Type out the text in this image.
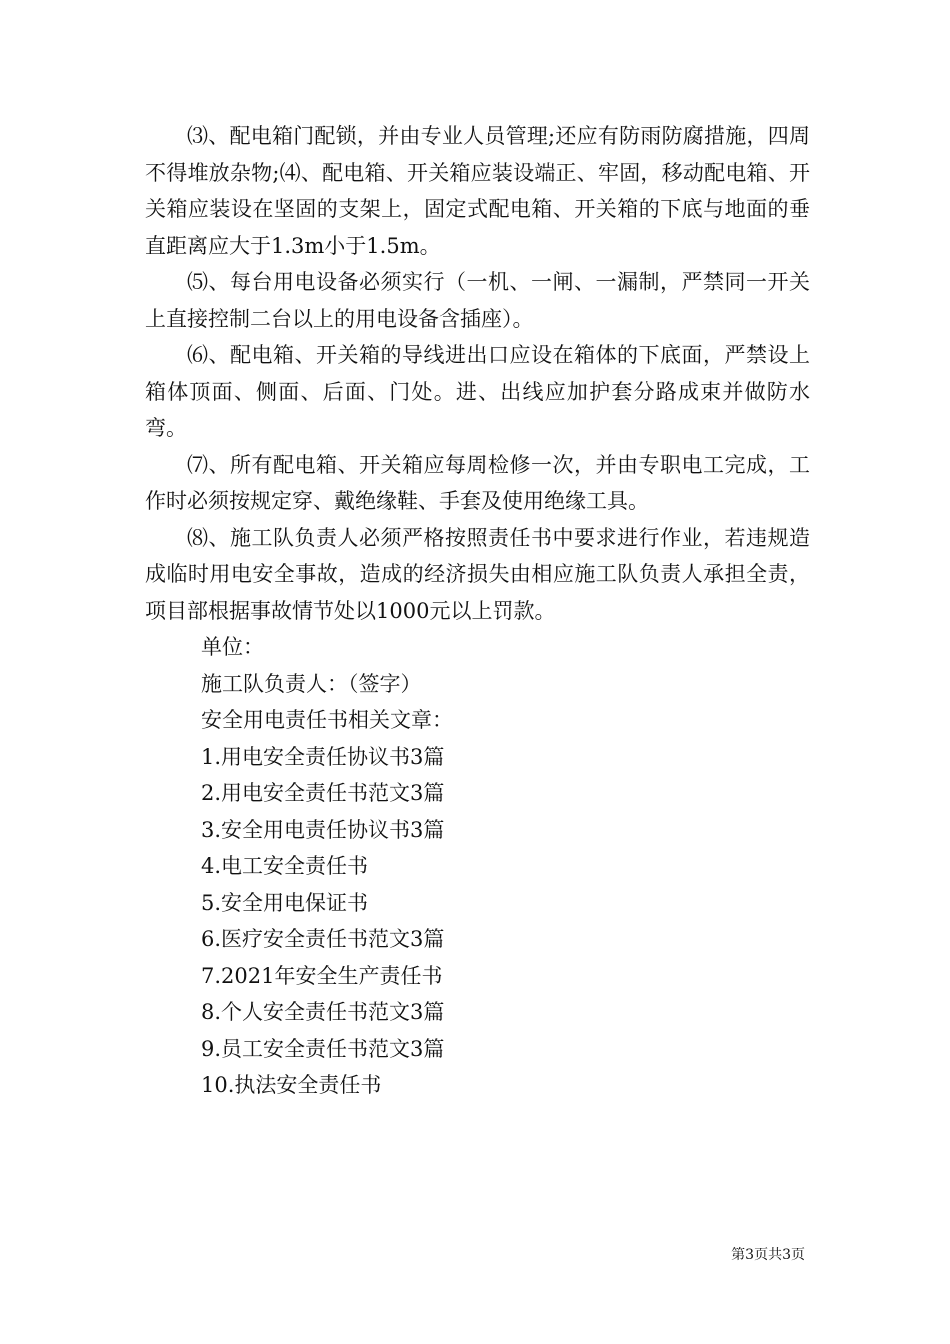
⑶、配电箱门配锁，并由专业人员管理;还应有防雨防腐措施，四周不得堆放杂物;⑷、配电箱、开关箱应装设端正、牢固，移动配电箱、开关箱应装设在坚固的支架上，固定式配电箱、开关箱的下底与地面的垂直距离应大于1.3m小于1.5m。

⑸、每台用电设备必须实行（一机、一闸、一漏制，严禁同一开关上直接控制二台以上的用电设备含插座）。

⑹、配电箱、开关箱的导线进出口应设在箱体的下底面，严禁设上箱体顶面、侧面、后面、门处。进、出线应加护套分路成束并做防水弯。

⑺、所有配电箱、开关箱应每周检修一次，并由专职电工完成，工作时必须按规定穿、戴绝缘鞋、手套及使用绝缘工具。

⑻、施工队负责人必须严格按照责任书中要求进行作业，若违规造成临时用电安全事故，造成的经济损失由相应施工队负责人承担全责，项目部根据事故情节处以1000元以上罚款。

单位：

施工队负责人：（签字）

安全用电责任书相关文章：

1.用电安全责任协议书3篇

2.用电安全责任书范文3篇

3.安全用电责任协议书3篇

4.电工安全责任书

5.安全用电保证书

6.医疗安全责任书范文3篇

7.2021年安全生产责任书

8.个人安全责任书范文3篇

9.员工安全责任书范文3篇

10.执法安全责任书

第3页共3页
